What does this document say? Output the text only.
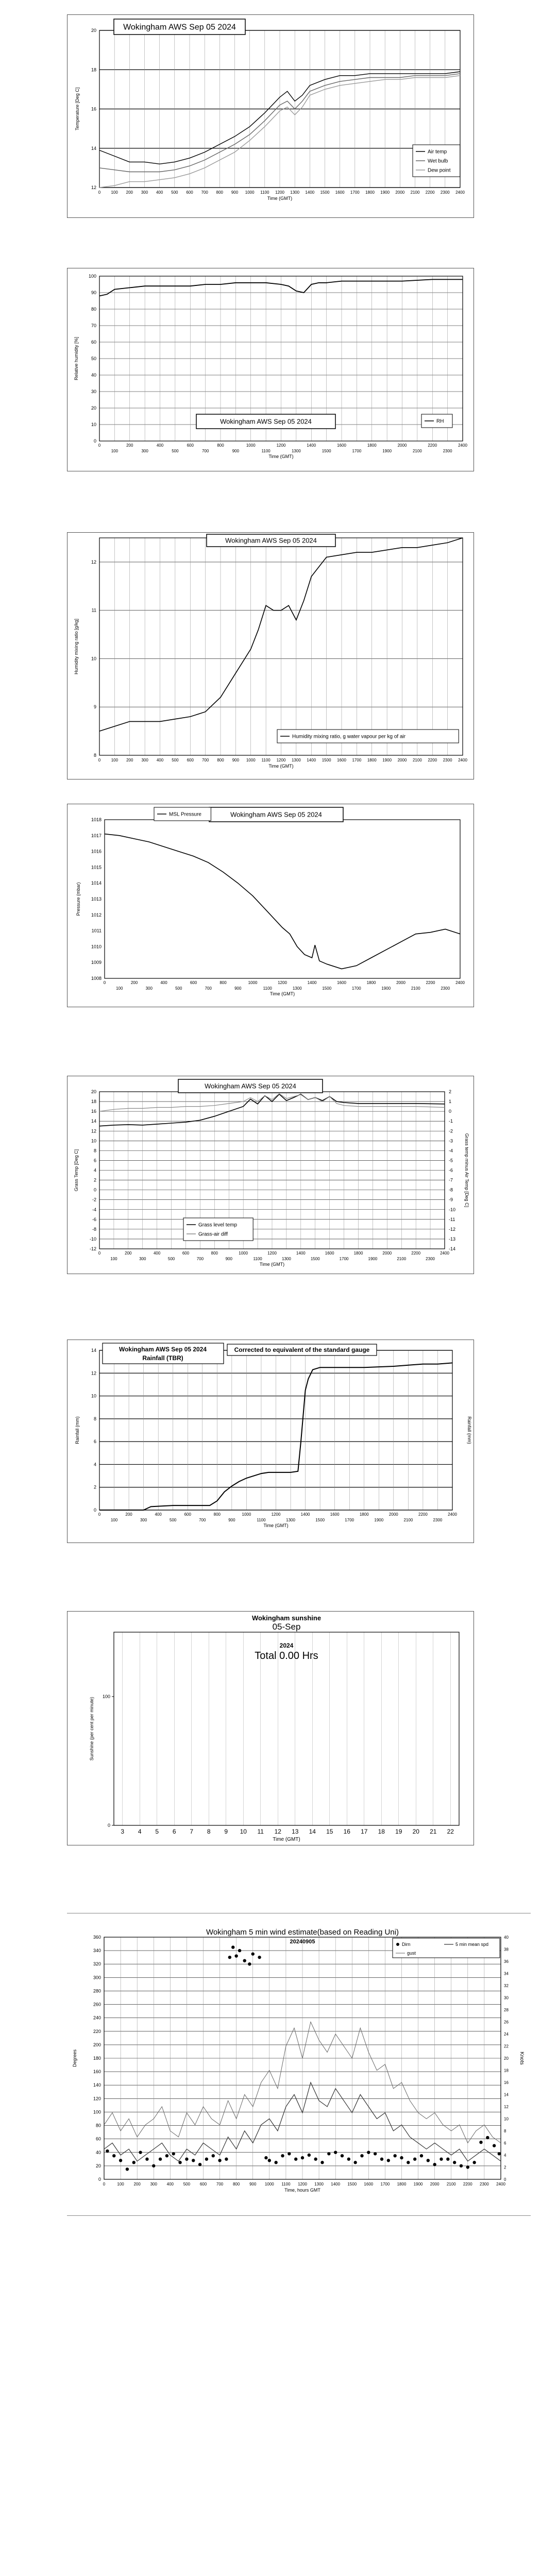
12
14
16
18
20
0	100 200 300 400 500 600 700 800 900 1000 1100 1200 1300 1400 1500 1600 1700 1800 1900 2000 2100 2200 2300 2400
Time (GMT)
Temperature [Deg C]
Wokingham AWS Sep 05 2024
Air temp
Wet bulb
Dew point
0
10
20
30
40
50
60
70
80
90
100
0	200	400	600	800	1000	1200	1400	1600	1800	2000	2200	2400
100	300	500	700	900	1100	1300	1500	1700	1900	2100	2300
Time (GMT)
Relative humidity [%]
Wokingham AWS Sep 05 2024	RH
8
9
10
11
12
0	100 200 300 400 500 600 700 800 900 1000 1100 1200 1300 1400 1500 1600 1700 1800 1900 2000 2100 2200 2300 2400
Time (GMT)
Humidity mixing ratio [g/kg]
Wokingham AWS Sep 05 2024
Humidity mixing ratio, g water vapour per kg of air
1008
1009
1010
1011
1012
1013
1014
1015
1016
1017
1018
0	200	400	600	800	1000	1200	1400	1600	1800	2000	2200	2400
100	300	500	700	900	1100	1300	1500	1700	1900	2100	2300
Time (GMT)
Pressure (mbar)
Wokingham AWS Sep 05 2024
MSL Pressure
-12
-10
-8
-6
-4
-2
0
2
4
6
8
10
12
14
16
18
20
0	200	400	600	800	1000	1200	1400	1600	1800	2000	2200	2400
100	300	500	700	900	1100	1300	1500	1700	1900	2100	2300
Time (GMT)
Grass Temp [Deg C]
-14
-13
-12
-11
-10
-9
-8
-7
-6
-5
-4
-3
-2
-1
0
1
2
Grass temp minus Air Temp [Deg C]
Wokingham AWS Sep 05 2024
Grass level temp
Grass-air diff
0
2
4
6
8
10
12
14
0	200	400	600	800	1000	1200	1400	1600	1800	2000	2200	2400
100	300	500	700	900	1100	1300	1500	1700	1900	2100	2300
Time (GMT)
Rainfall (mm)	Rainfall (mm)
Wokingham AWS Sep 05 2024
Rainfall (TBR)
Corrected to equivalent of the standard gauge
0
100
3 4 5 6 7 8 9 10 11 12 13 14 15 16 17 18 19 20 21 22
Time (GMT)
Sunshine (per cent per minute)
Wokingham sunshine
05-Sep
2024
Total 0.00 Hrs
0
20
40
60
80
100
120
140
160
180
200
220
240
260
280
300
320
340
360
0	100 200 300 400 500 600 700 800 900 1000 1100 1200 1300 1400 1500 1600 1700 1800 1900 2000 2100 2200 2300 2400
Time, hours GMT
Degrees
0
2
4
6
8
10
12
14
16
18
20
22
24
26
28
30
32
34
36
38
40
Knots
Wokingham 5 min wind estimate(based on Reading Uni)
20240905	Dirn	5 min mean spd
gust
